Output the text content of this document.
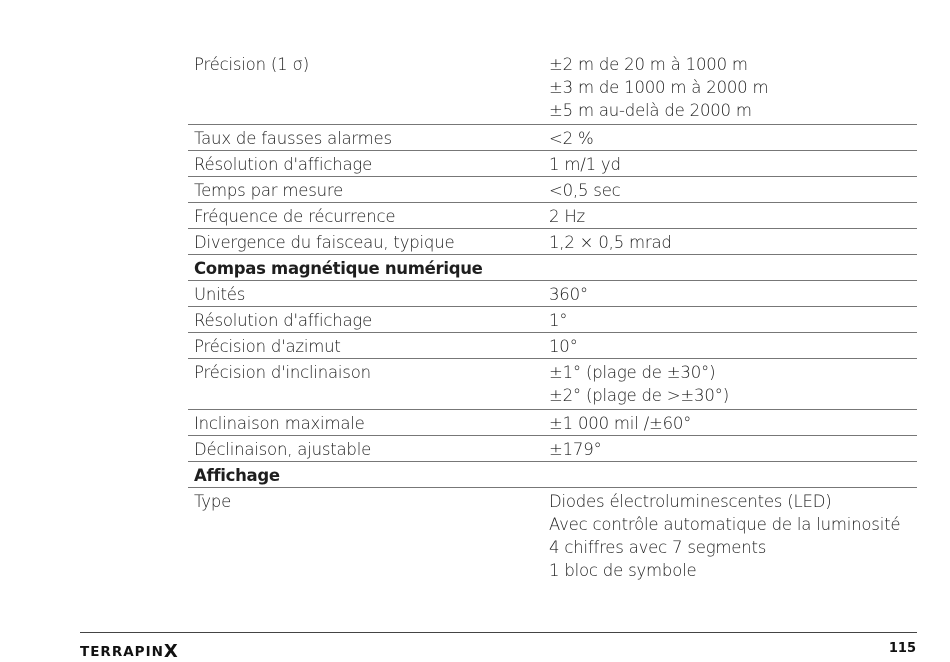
Précision (1 σ)	±2 m de 20 m à 1000 m
±3 m de 1000 m à 2000 m
±5 m au-delà de 2000 m
Taux de fausses alarmes	<2 %
Résolution d'affichage	1 m/1 yd
Temps par mesure	<0,5 sec
Fréquence de récurrence	2 Hz
Divergence du faisceau, typique	1,2 × 0,5 mrad
Compas magnétique numérique
Unités	360°
Résolution d'affichage	1°
Précision d'azimut	10°
Précision d'inclinaison	±1° (plage de ±30°)
±2° (plage de >±30°)
Inclinaison maximale	±1 000 mil /±60°
Déclinaison, ajustable	±179°
Affichage
Type	Diodes électroluminescentes (LED)
Avec contrôle automatique de la luminosité
4 chiffres avec 7 segments
1 bloc de symbole
TERRAPINX	115
